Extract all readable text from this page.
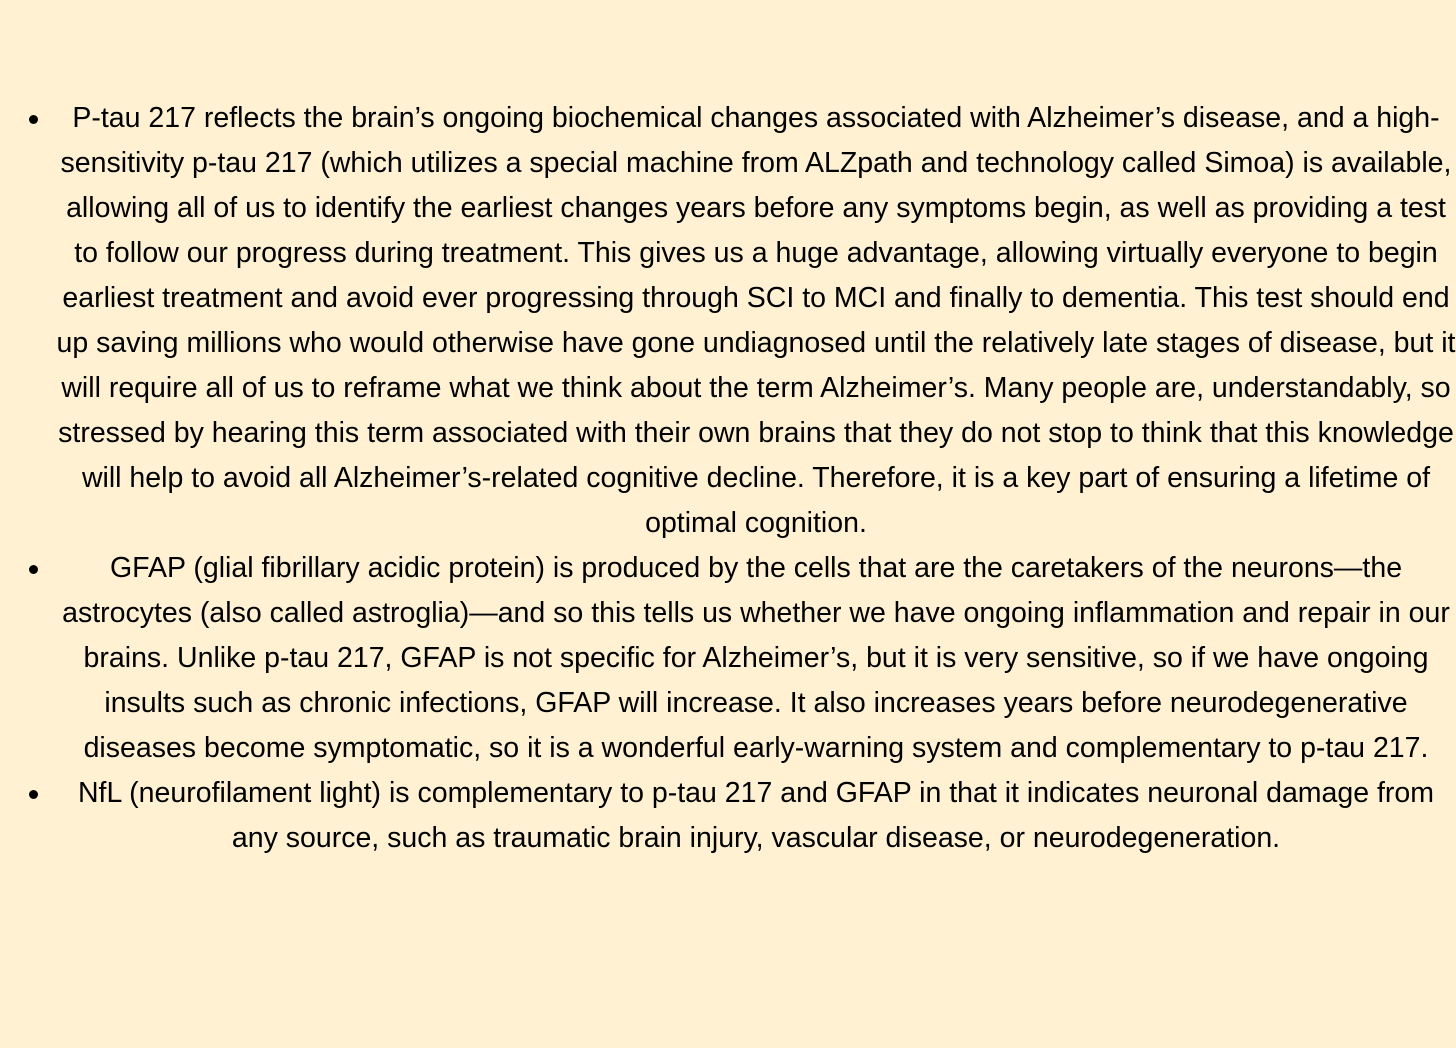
P-tau 217 reflects the brain’s ongoing biochemical changes associated with Alzheimer’s disease, and a high-sensitivity p-tau 217 (which utilizes a special machine from ALZpath and technology called Simoa) is available, allowing all of us to identify the earliest changes years before any symptoms begin, as well as providing a test to follow our progress during treatment. This gives us a huge advantage, allowing virtually everyone to begin earliest treatment and avoid ever progressing through SCI to MCI and finally to dementia. This test should end up saving millions who would otherwise have gone undiagnosed until the relatively late stages of disease, but it will require all of us to reframe what we think about the term Alzheimer’s. Many people are, understandably, so stressed by hearing this term associated with their own brains that they do not stop to think that this knowledge will help to avoid all Alzheimer’s-related cognitive decline. Therefore, it is a key part of ensuring a lifetime of optimal cognition.
GFAP (glial fibrillary acidic protein) is produced by the cells that are the caretakers of the neurons—the astrocytes (also called astroglia)—and so this tells us whether we have ongoing inflammation and repair in our brains. Unlike p-tau 217, GFAP is not specific for Alzheimer’s, but it is very sensitive, so if we have ongoing insults such as chronic infections, GFAP will increase. It also increases years before neurodegenerative diseases become symptomatic, so it is a wonderful early-warning system and complementary to p-tau 217.
NfL (neurofilament light) is complementary to p-tau 217 and GFAP in that it indicates neuronal damage from any source, such as traumatic brain injury, vascular disease, or neurodegeneration.
